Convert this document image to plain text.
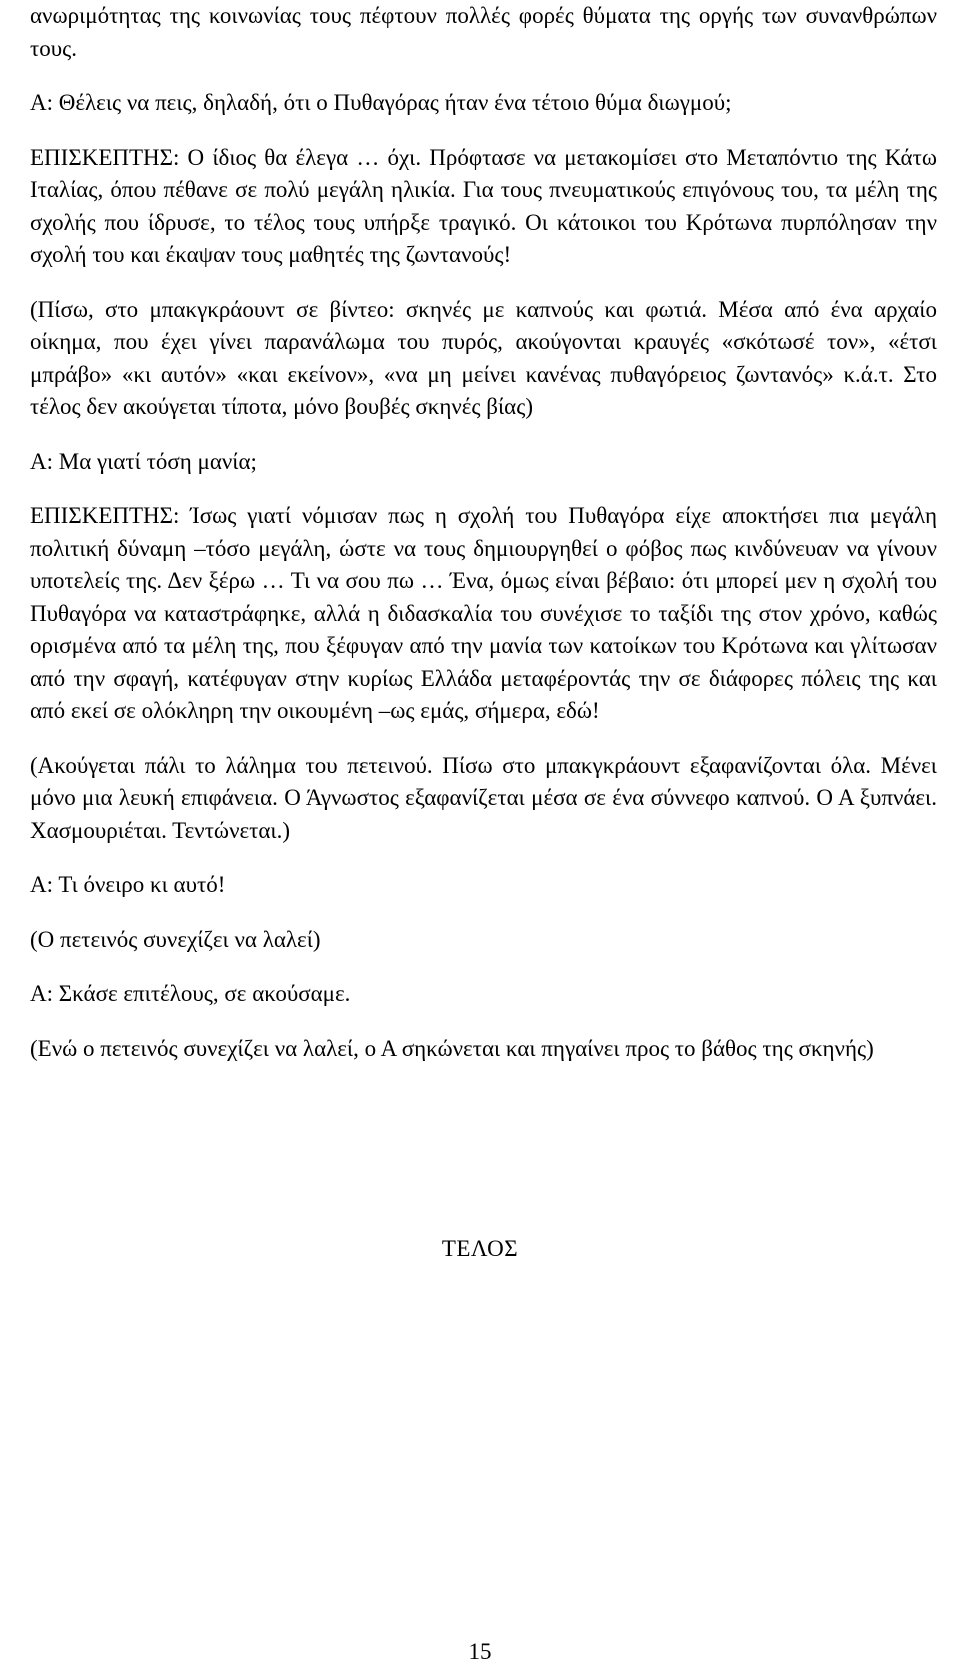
ανωριμότητας της κοινωνίας τους πέφτουν πολλές φορές θύματα της οργής των συνανθρώπων τους.

Α: Θέλεις να πεις, δηλαδή, ότι ο Πυθαγόρας ήταν ένα τέτοιο θύμα διωγμού;

ΕΠΙΣΚΕΠΤΗΣ: Ο ίδιος θα έλεγα … όχι. Πρόφτασε να μετακομίσει στο Μεταπόντιο της Κάτω Ιταλίας, όπου πέθανε σε πολύ μεγάλη ηλικία. Για τους πνευματικούς επιγόνους του, τα μέλη της σχολής που ίδρυσε, το τέλος τους υπήρξε τραγικό. Οι κάτοικοι του Κρότωνα πυρπόλησαν την σχολή του και έκαψαν τους μαθητές της ζωντανούς!

(Πίσω, στο μπακγκράουντ σε βίντεο: σκηνές με καπνούς και φωτιά. Μέσα από ένα αρχαίο οίκημα, που έχει γίνει παρανάλωμα του πυρός, ακούγονται κραυγές «σκότωσέ τον», «έτσι μπράβο» «κι αυτόν» «και εκείνον», «να μη μείνει κανένας πυθαγόρειος ζωντανός» κ.ά.τ. Στο τέλος δεν ακούγεται τίποτα, μόνο βουβές σκηνές βίας)

Α: Μα γιατί τόση μανία;

ΕΠΙΣΚΕΠΤΗΣ: Ίσως γιατί νόμισαν πως η σχολή του Πυθαγόρα είχε αποκτήσει πια μεγάλη πολιτική δύναμη –τόσο μεγάλη, ώστε να τους δημιουργηθεί ο φόβος πως κινδύνευαν να γίνουν υποτελείς της. Δεν ξέρω … Τι να σου πω … Ένα, όμως είναι βέβαιο: ότι μπορεί μεν η σχολή του Πυθαγόρα να καταστράφηκε, αλλά η διδασκαλία του συνέχισε το ταξίδι της στον χρόνο, καθώς ορισμένα από τα μέλη της, που ξέφυγαν από την μανία των κατοίκων του Κρότωνα και γλίτωσαν από την σφαγή, κατέφυγαν στην κυρίως Ελλάδα μεταφέροντάς την σε διάφορες πόλεις της και από εκεί σε ολόκληρη την οικουμένη –ως εμάς, σήμερα, εδώ!

(Ακούγεται πάλι το λάλημα του πετεινού. Πίσω στο μπακγκράουντ εξαφανίζονται όλα. Μένει μόνο μια λευκή επιφάνεια. Ο Άγνωστος εξαφανίζεται μέσα σε ένα σύννεφο καπνού. Ο Α ξυπνάει. Χασμουριέται. Τεντώνεται.)

Α: Τι όνειρο κι αυτό!

(Ο πετεινός συνεχίζει να λαλεί)

Α: Σκάσε επιτέλους, σε ακούσαμε.

(Ενώ ο πετεινός συνεχίζει να λαλεί, ο Α σηκώνεται και πηγαίνει προς το βάθος της σκηνής)

ΤΕΛΟΣ
15
